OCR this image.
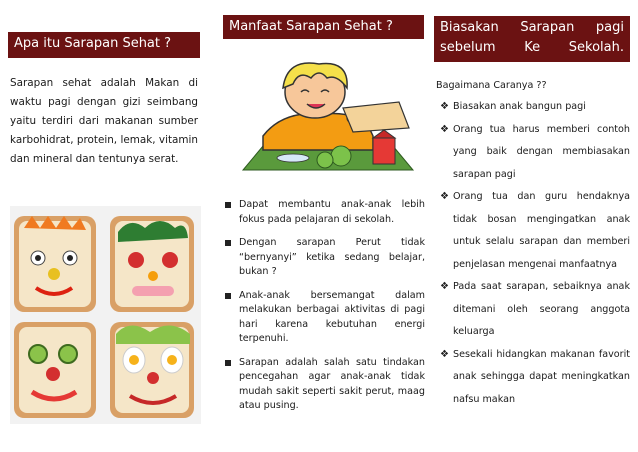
Apa itu Sarapan Sehat ?

Sarapan sehat adalah Makan di waktu pagi dengan gizi seimbang yaitu terdiri dari makanan sumber karbohidrat, protein, lemak, vitamin dan mineral dan tentunya serat.

Manfaat Sarapan Sehat ?
Dapat membantu anak-anak lebih fokus pada pelajaran di sekolah.
Dengan sarapan Perut tidak “bernyanyi” ketika sedang belajar, bukan ?
Anak-anak bersemangat dalam melakukan berbagai aktivitas di pagi hari karena kebutuhan energi terpenuhi.
Sarapan adalah salah satu tindakan pencegahan agar anak-anak tidak mudah sakit seperti sakit perut, maag atau pusing.
Biasakan Sarapan pagi sebelum Ke Sekolah.
Bagaimana Caranya ??
❖ Biasakan anak bangun pagi
❖ Orang tua harus memberi contoh yang baik dengan membiasakan sarapan pagi
❖ Orang tua dan guru hendaknya tidak bosan mengingatkan anak untuk selalu sarapan dan memberi penjelasan mengenai manfaatnya
❖ Pada saat sarapan, sebaiknya anak ditemani oleh seorang anggota keluarga
❖ Sesekali hidangkan makanan favorit anak sehingga dapat meningkatkan nafsu makan
